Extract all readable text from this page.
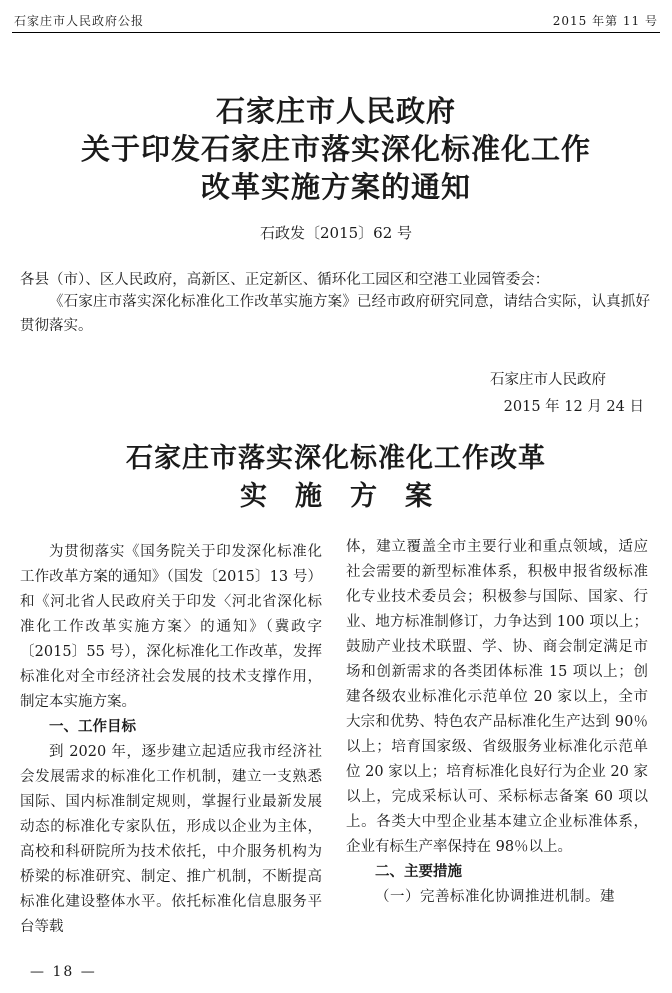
石家庄市人民政府公报	2015 年第 11 号
石家庄市人民政府
关于印发石家庄市落实深化标准化工作
改革实施方案的通知
石政发〔2015〕62 号
各县（市）、区人民政府，高新区、正定新区、循环化工园区和空港工业园管委会：
《石家庄市落实深化标准化工作改革实施方案》已经市政府研究同意，请结合实际，认真抓好贯彻落实。
石家庄市人民政府
2015 年 12 月 24 日
石家庄市落实深化标准化工作改革
实施方案

为贯彻落实《国务院关于印发深化标准化工作改革方案的通知》（国发〔2015〕13 号）和《河北省人民政府关于印发〈河北省深化标准化工作改革实施方案〉的通知》（冀政字〔2015〕55 号），深化标准化工作改革，发挥标准化对全市经济社会发展的技术支撑作用，制定本实施方案。

一、工作目标

到 2020 年，逐步建立起适应我市经济社会发展需求的标准化工作机制，建立一支熟悉国际、国内标准制定规则，掌握行业最新发展动态的标准化专家队伍，形成以企业为主体，高校和科研院所为技术依托，中介服务机构为桥梁的标准研究、制定、推广机制，不断提高标准化建设整体水平。依托标准化信息服务平台等载

体，建立覆盖全市主要行业和重点领域，适应社会需要的新型标准体系，积极申报省级标准化专业技术委员会；积极参与国际、国家、行业、地方标准制修订，力争达到 100 项以上；鼓励产业技术联盟、学、协、商会制定满足市场和创新需求的各类团体标准 15 项以上；创建各级农业标准化示范单位 20 家以上，全市大宗和优势、特色农产品标准化生产达到 90％以上；培育国家级、省级服务业标准化示范单位 20 家以上；培育标准化良好行为企业 20 家以上，完成采标认可、采标标志备案 60 项以上。各类大中型企业基本建立企业标准体系，企业有标生产率保持在 98％以上。

二、主要措施

（一）完善标准化协调推进机制。建

— 18 —
